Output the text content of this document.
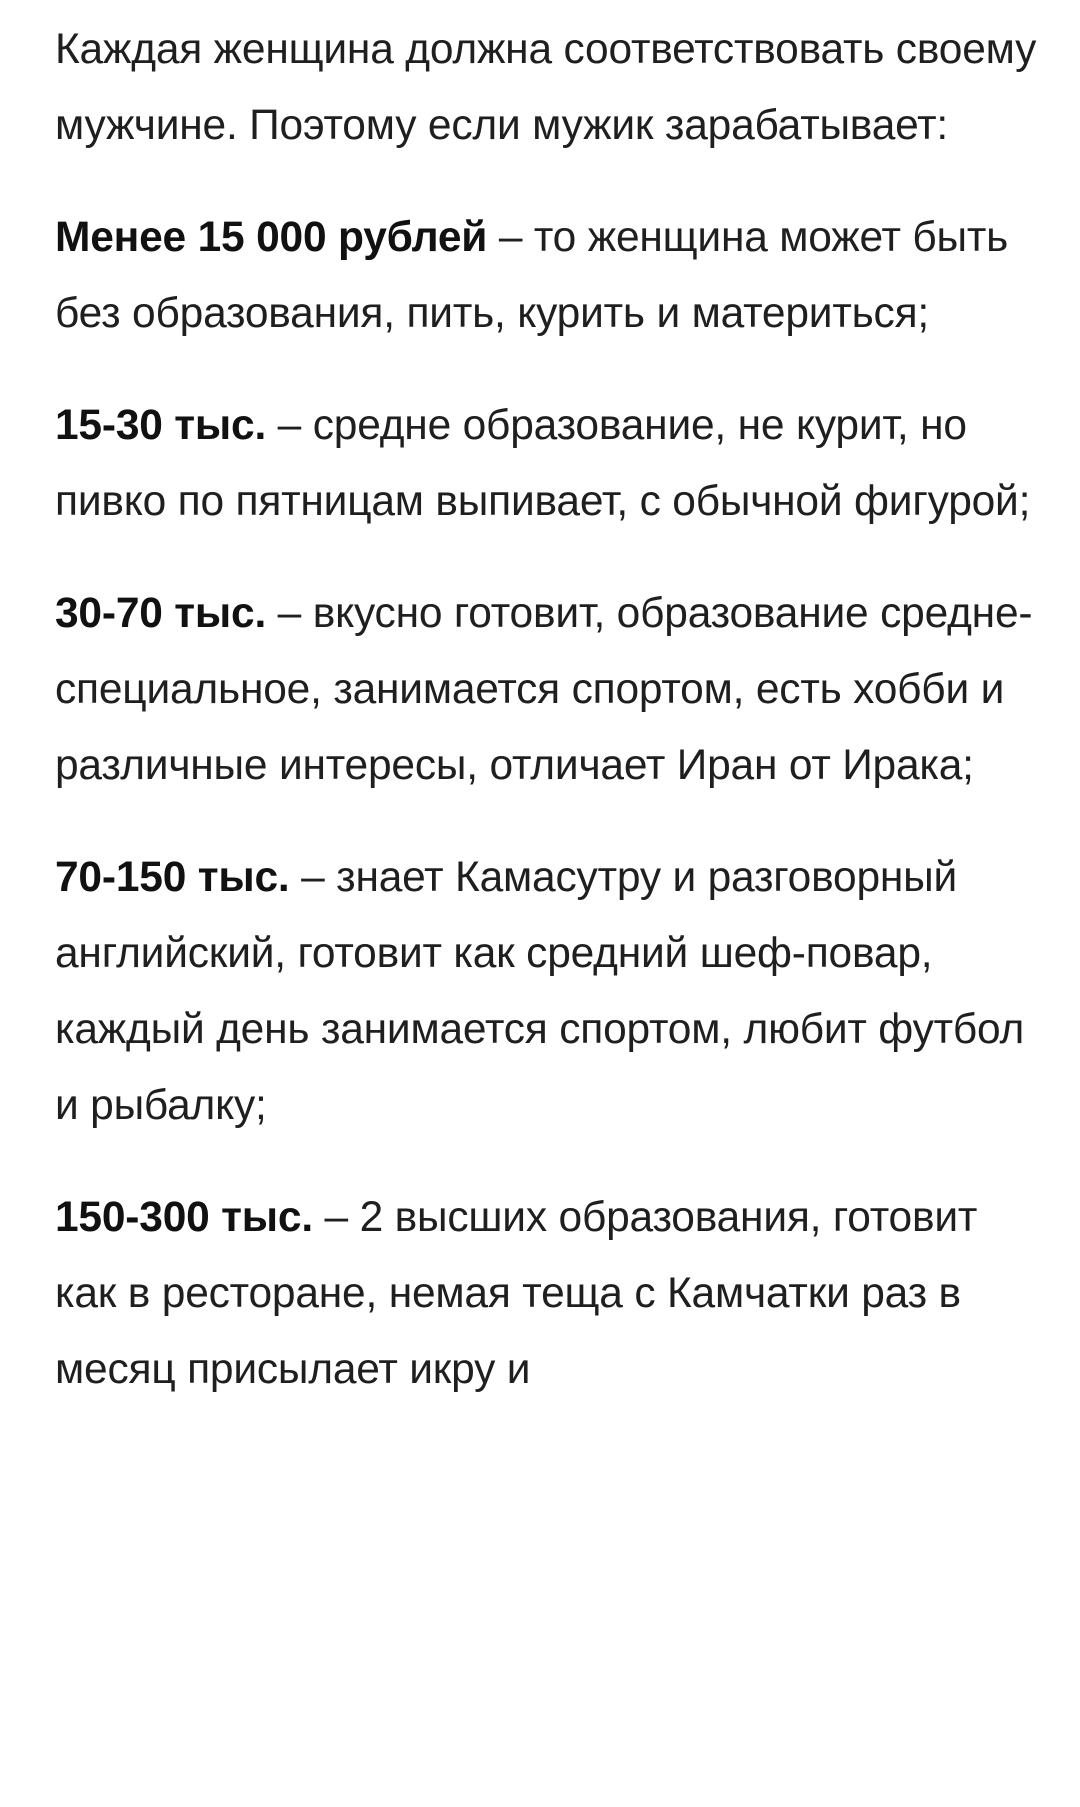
Каждая женщина должна соответствовать своему мужчине. Поэтому если мужик зарабатывает:

Менее 15 000 рублей – то женщина может быть без образования, пить, курить и материться;

15-30 тыс. – средне образование, не курит, но пивко по пятницам выпивает, с обычной фигурой;

30-70 тыс. – вкусно готовит, образование средне-специальное, занимается спортом, есть хобби и различные интересы, отличает Иран от Ирака;

70-150 тыс. – знает Камасутру и разговорный английский, готовит как средний шеф-повар, каждый день занимается спортом, любит футбол и рыбалку;

150-300 тыс. – 2 высших образования, готовит как в ресторане, немая теща с Камчатки раз в месяц присылает икру и
